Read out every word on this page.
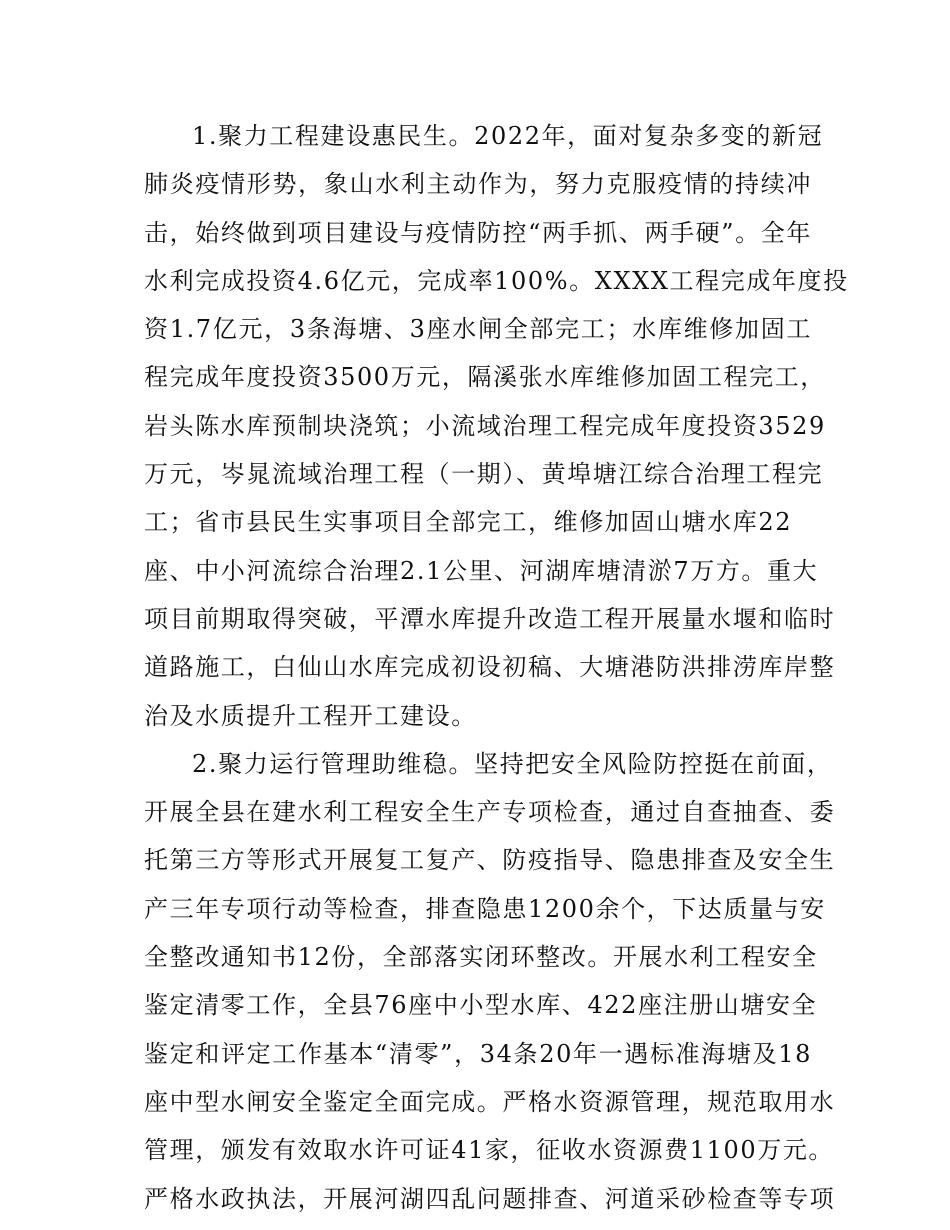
1.聚力工程建设惠民生。2022年，面对复杂多变的新冠
肺炎疫情形势，象山水利主动作为，努力克服疫情的持续冲
击，始终做到项目建设与疫情防控“两手抓、两手硬”。全年
水利完成投资4.6亿元，完成率100%。XXXX工程完成年度投
资1.7亿元，3条海塘、3座水闸全部完工；水库维修加固工
程完成年度投资3500万元，隔溪张水库维修加固工程完工，
岩头陈水库预制块浇筑；小流域治理工程完成年度投资3529
万元，岑晁流域治理工程（一期）、黄埠塘江综合治理工程完
工；省市县民生实事项目全部完工，维修加固山塘水库22
座、中小河流综合治理2.1公里、河湖库塘清淤7万方。重大
项目前期取得突破，平潭水库提升改造工程开展量水堰和临时
道路施工，白仙山水库完成初设初稿、大塘港防洪排涝库岸整
治及水质提升工程开工建设。
2.聚力运行管理助维稳。坚持把安全风险防控挺在前面，
开展全县在建水利工程安全生产专项检查，通过自查抽查、委
托第三方等形式开展复工复产、防疫指导、隐患排查及安全生
产三年专项行动等检查，排查隐患1200余个，下达质量与安
全整改通知书12份，全部落实闭环整改。开展水利工程安全
鉴定清零工作，全县76座中小型水库、422座注册山塘安全
鉴定和评定工作基本“清零”，34条20年一遇标准海塘及18
座中型水闸安全鉴定全面完成。严格水资源管理，规范取用水
管理，颁发有效取水许可证41家，征收水资源费1100万元。
严格水政执法，开展河湖四乱问题排查、河道采砂检查等专项
